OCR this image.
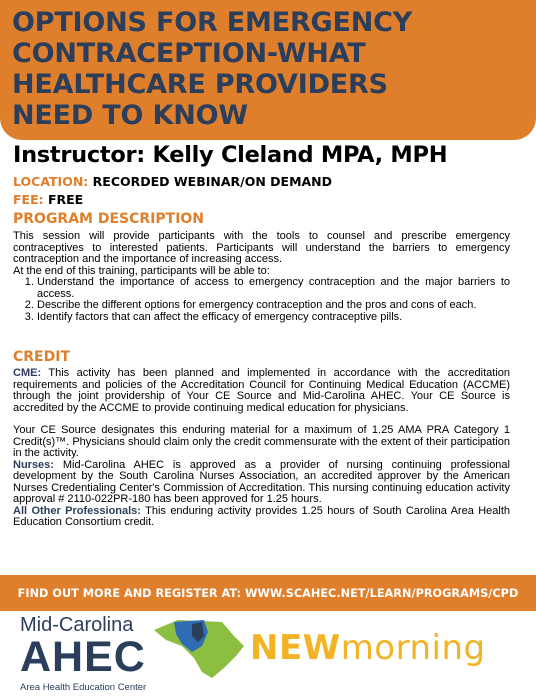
OPTIONS FOR EMERGENCY
CONTRACEPTION-WHAT
HEALTHCARE PROVIDERS
NEED TO KNOW
Instructor: Kelly Cleland MPA, MPH
LOCATION: RECORDED WEBINAR/ON DEMAND
FEE: FREE
PROGRAM DESCRIPTION

This session will provide participants with the tools to counsel and prescribe emergency contraceptives to interested patients. Participants will understand the barriers to emergency contraception and the importance of increasing access.

At the end of this training, participants will be able to:

1. Understand the importance of access to emergency contraception and the major barriers to access.
2. Describe the different options for emergency contraception and the pros and cons of each.
3. Identify factors that can affect the efficacy of emergency contraceptive pills.
CREDIT

CME: This activity has been planned and implemented in accordance with the accreditation requirements and policies of the Accreditation Council for Continuing Medical Education (ACCME) through the joint providership of Your CE Source and Mid-Carolina AHEC. Your CE Source is accredited by the ACCME to provide continuing medical education for physicians.

Your CE Source designates this enduring material for a maximum of 1.25 AMA PRA Category 1 Credit(s)™. Physicians should claim only the credit commensurate with the extent of their participation in the activity.

Nurses: Mid-Carolina AHEC is approved as a provider of nursing continuing professional development by the South Carolina Nurses Association, an accredited approver by the American Nurses Credentialing Center's Commission of Accreditation. This nursing continuing education activity approval # 2110-022PR-180 has been approved for 1.25 hours.

All Other Professionals: This enduring activity provides 1.25 hours of South Carolina Area Health Education Consortium credit.

FIND OUT MORE AND REGISTER AT: WWW.SCAHEC.NET/LEARN/PROGRAMS/CPD
Mid-Carolina
AHEC
Area Health Education Center
NEWmorning
